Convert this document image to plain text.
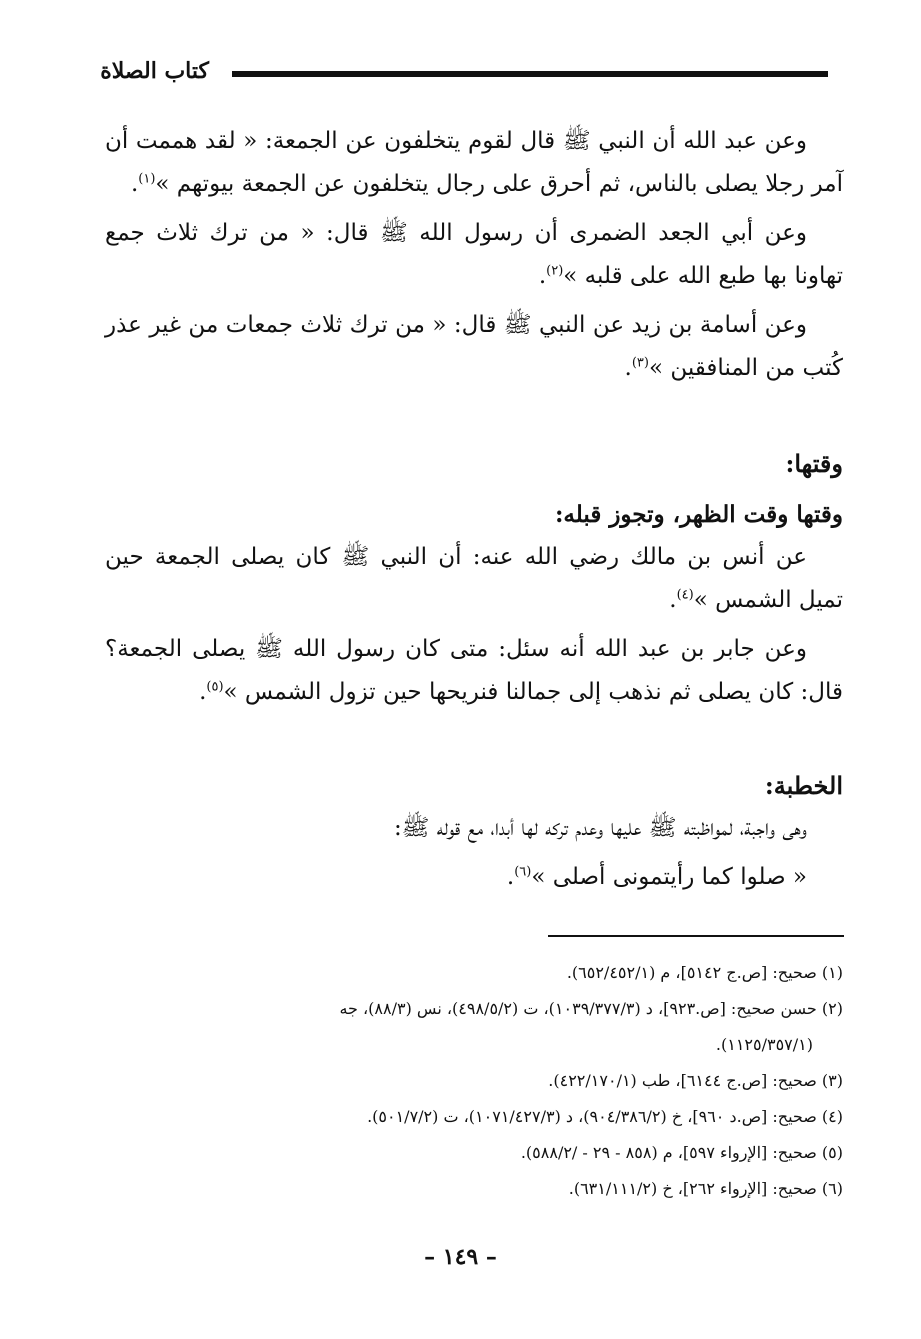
كتاب الصلاة

وعن عبد الله أن النبي ﷺ قال لقوم يتخلفون عن الجمعة: « لقد هممت أن آمر رجلا يصلى بالناس، ثم أحرق على رجال يتخلفون عن الجمعة بيوتهم »$^{(١)}$.

وعن أبي الجعد الضمرى أن رسول الله ﷺ قال: « من ترك ثلاث جمع تهاونا بها طبع الله على قلبه »$^{(٢)}$.

وعن أسامة بن زيد عن النبي ﷺ قال: « من ترك ثلاث جمعات من غير عذر كُتب من المنافقين »$^{(٣)}$.

وقتها:

وقتها وقت الظهر، وتجوز قبله:

عن أنس بن مالك رضي الله عنه: أن النبي ﷺ كان يصلى الجمعة حين تميل الشمس »$^{(٤)}$.

وعن جابر بن عبد الله أنه سئل: متى كان رسول الله ﷺ يصلى الجمعة؟ قال: كان يصلى ثم نذهب إلى جمالنا فنريحها حين تزول الشمس »$^{(٥)}$.

الخطبة:

وهى واجبة، لمواظبته ﷺ عليها وعدم تركه لها أبدا، مع قوله ﷺ:

« صلوا كما رأيتمونى أصلى »$^{(٦)}$.

(١) صحيح: [ص.ج ٥١٤٢]، م (٦٥٢/٤٥٢/١).

(٢) حسن صحيح: [ص.٩٢٣]، د (١٠٣٩/٣٧٧/٣)، ت (٤٩٨/٥/٢)، نس (٨٨/٣)، جه

(١١٢٥/٣٥٧/١).

(٣) صحيح: [ص.ج ٦١٤٤]، طب (٤٢٢/١٧٠/١).

(٤) صحيح: [ص.د ٩٦٠]، خ (٩٠٤/٣٨٦/٢)، د (١٠٧١/٤٢٧/٣)، ت (٥٠١/٧/٢).

(٥) صحيح: [الإرواء ٥٩٧]، م (٨٥٨ - ٢٩ - /٥٨٨/٢).

(٦) صحيح: [الإرواء ٢٦٢]، خ (٦٣١/١١١/٢).

– ١٤٩ –
